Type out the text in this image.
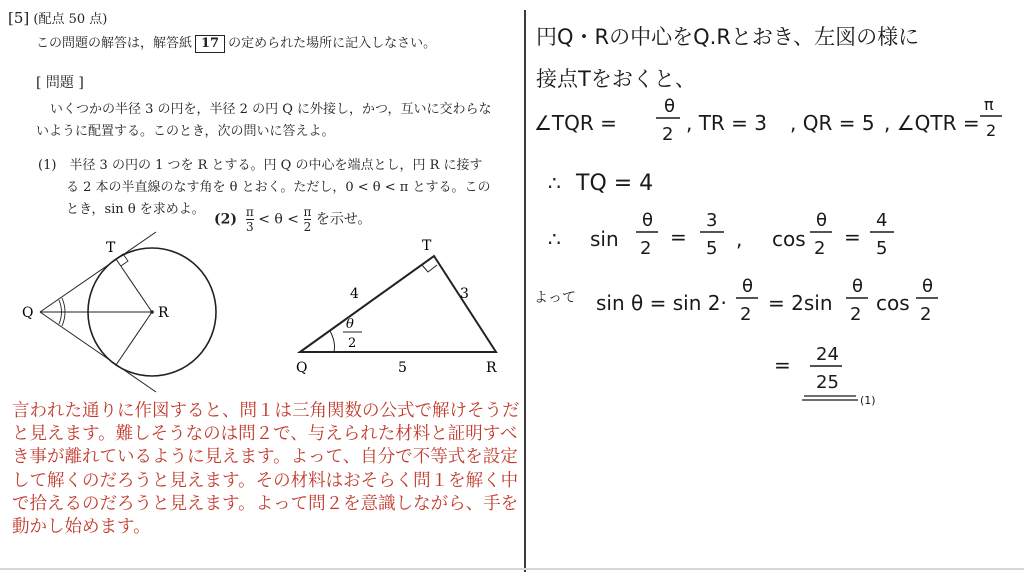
[5] (配点 50 点)
この問題の解答は，解答紙 17 の定められた場所に記入しなさい。
[ 問題 ]
いくつかの半径 3 の円を，半径 2 の円 Q に外接し，かつ，互いに交わらな
いように配置する。このとき，次の問いに答えよ。
(1)　半径 3 の円の 1 つを R とする。円 Q の中心を端点とし，円 R に接す
る 2 本の半直線のなす角を θ とおく。ただし，0 < θ < π とする。この
とき，sin θ を求めよ。
$(2) \frac{\pi}{3} < \theta < \frac{\pi}{2}$ を示せ。
Q
T
R
Q
T
R
4	3
5
θ
2
言われた通りに作図すると、問１は三角関数の公式で解けそうだと見えます。難しそうなのは問２で、与えられた材料と証明すべき事が離れているように見えます。よって、自分で不等式を設定して解くのだろうと見えます。その材料はおそらく問１を解く中で拾えるのだろうと見えます。よって問２を意識しながら、手を動かし始めます。
円Q・Rの中心をQ.Rとおき、左図の様に
接点Tをおくと、
∠TQR =
θ
2 , TR = 3 , QR = 5 , ∠QTR =
π
2
∴ TQ = 4
∴ sin
θ
2 =
3
5 , cos
θ
2 =
4
5
よって sin θ = sin 2·
θ
2 = 2sin
θ
2 cos
θ
2
= 24
25
(1)
